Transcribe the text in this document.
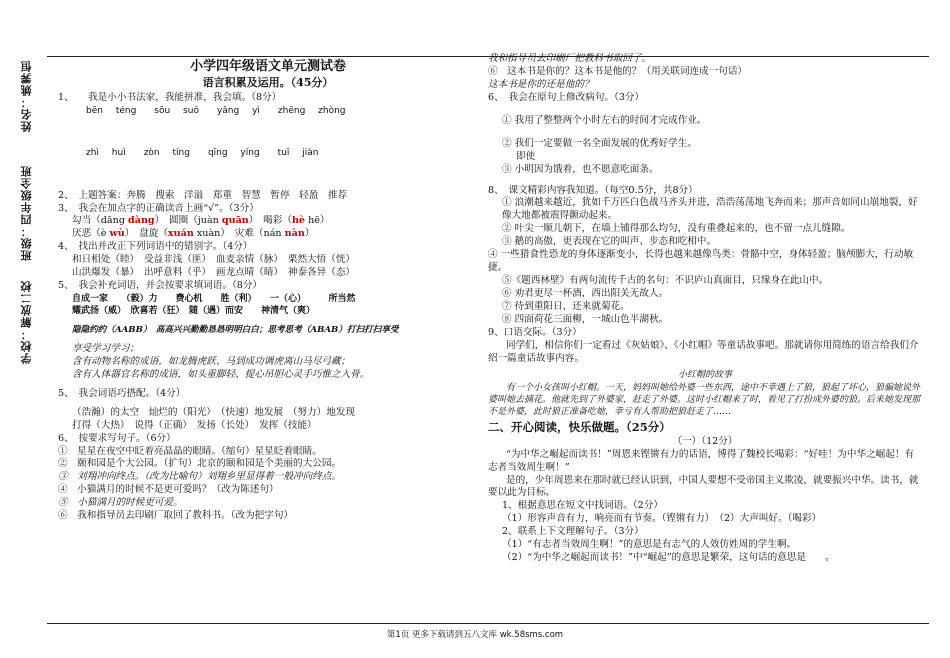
姓名：姚霁恒
班级：四年级全班
学校：解放二校

小学四年级语文单元测试卷

语言积累及运用。（45分）

1、　　我是小小书法家，我能拼准，我会填。（8分）

bēn téng　　sōu suǒ　　yǎng yì　　zhēng zhòng

zhì huì　　zòn tíng　　qīng yíng　　tuī jiàn

2、　上题答案：奔腾　搜索　洋溢　郑重　智慧　暂停　轻盈　推荐

3、　我会在加点字的正确读音上画“√”。（3分）

勾当（dāng dàng）　圆圈（juàn quān）　喝彩（hè hē）

厌恶（è wù）　盘旋（xuán xuàn）　灾难（nán nàn）

4、　找出并改正下列词语中的错别字。（4分）

和日相处（睦）　受益非浅（匪）　血麦亲情（脉）　栗然大悟（恍）

山洪爆发（暴）　出呼意料（乎）　画龙点晴（睛）　神泰各异（态）

5、　我会补充词语，并会按要求填词语。（8分）

自成一家　　（毅）力　　费心机　　胜（利）　　一（心）　　　所当然

耀武扬（威）　欣喜若（狂）　随（遇）而安　　神清气（爽）

隐隐约约（AABB）　高高兴兴勤勤恳恳明明白白；思考思考（ABAB）打扫打扫享受

享受学习学习；

含有动物名称的成语，如龙腾虎跃、马到成功调虎离山马尽弓藏；

含有人体器官名称的成语，如头重脚轻、提心吊胆心灵手巧惟之入骨。

5、　我会词语巧搭配。（4分）

（浩瀚）的太空　灿烂的（阳光）　（快速）地发展　（努力）地发现

打得（大热）　说得（正确）　发扬（长处）　发挥（技能）

6、　按要求写句子。（6分）

①　星星在夜空中眨着亮晶晶的眼睛。（缩句）星星眨着眼睛。

②　颐和园是个大公园。（扩句）北京的颐和园是个美丽的大公园。

③　刘翔冲向终点。（改为比喻句）刘翔乡里显得着一般冲向终点。

④　小猫满月的时候不是更可爱吗？（改为陈述句）

⑤　小猫满月的时候更可爱。

⑥　我和指导员去印刷厂取回了教科书。（改为把字句）

我和指导员去印刷厂把教科书取回了。

⑥　这本书是你的？这本书是他的？（用关联词连成一句话）

这本书是你的还是他的？

6、　我会在原句上修改病句。（3分）

① 我用了整整两个小时左右的时间才完成作业。

② 我们一定要做一名全面发展的优秀好学生。

即使

③ 小明因为饿着，也不愿意吃面条。

8、　课文精彩内容我知道。（每空0.5分，共8分）

① 浪潮越来越近，犹如千万匹白色战马齐头并进，浩浩荡荡地飞奔而来；那声音如同山崩地裂，好像大地都被震得颤动起来。

② 叶尖一顺儿朝下，在墙上铺得那么均匀，没有重叠起来的，也不留一点儿缝隙。

③ 鹅的高傲，更表现在它的叫声、步态和吃相中。

④ 一些猎食性恐龙的身体逐渐变小，长得也越来越像鸟类：骨骼中空，身体轻盈；脑颅膨大，行动敏捷。

⑤《题西林壁》有两句流传千古的名句：不识庐山真面目，只缘身在此山中。

⑥ 劝君更尽一杯酒，西出阳关无故人。

⑦ 待到重阳日，还来就菊花。

⑧ 四面荷花三面柳，一城山色半湖秋。

9、口语交际。（3分）

同学们，相信你们一定看过《灰姑娘》、《小红帽》等童话故事吧。那就请你用简练的语言给我们介绍一篇童话故事内容。

小红帽的故事

有一个小女孩叫小红帽。一天，妈妈叫她给外婆一些东西，途中不幸遇上了狼，狼起了坏心，狼骗她说外婆叫她去摘花。他就先到了外婆家，赶走了外婆。这时小红帽来了时，看见了打扮成外婆的狼。后来她发现那不是外婆，此时狼正准备吃她，幸亏有人帮助把狼赶走了……

二、开心阅读，快乐做题。（25分）

（一）（12分）

“为中华之崛起而读书！”周恩来铿锵有力的话语，博得了魏校长喝彩：“好哇！为中华之崛起！有志者当效周生啊！”

是的，少年周恩来在那时就已经认识到，中国人要想不受帝国主义欺凌，就要振兴中华。读书，就要以此为目标。

1、根据意思在短文中找词语。（2分）

（1）形容声音有力，响亮而有节奏。（铿锵有力）　（2）大声叫好。（喝彩）

2、联系上下文理解句子。（3分）

（1）“有志者当效周生啊！”的意思是有志气的人效仿姓周的学生啊。

（2）“为中华之崛起而读书！”中“崛起”的意思是繁荣，这句话的意思是　　。

第1页 更多下载请到五八文库 wk.58sms.com
